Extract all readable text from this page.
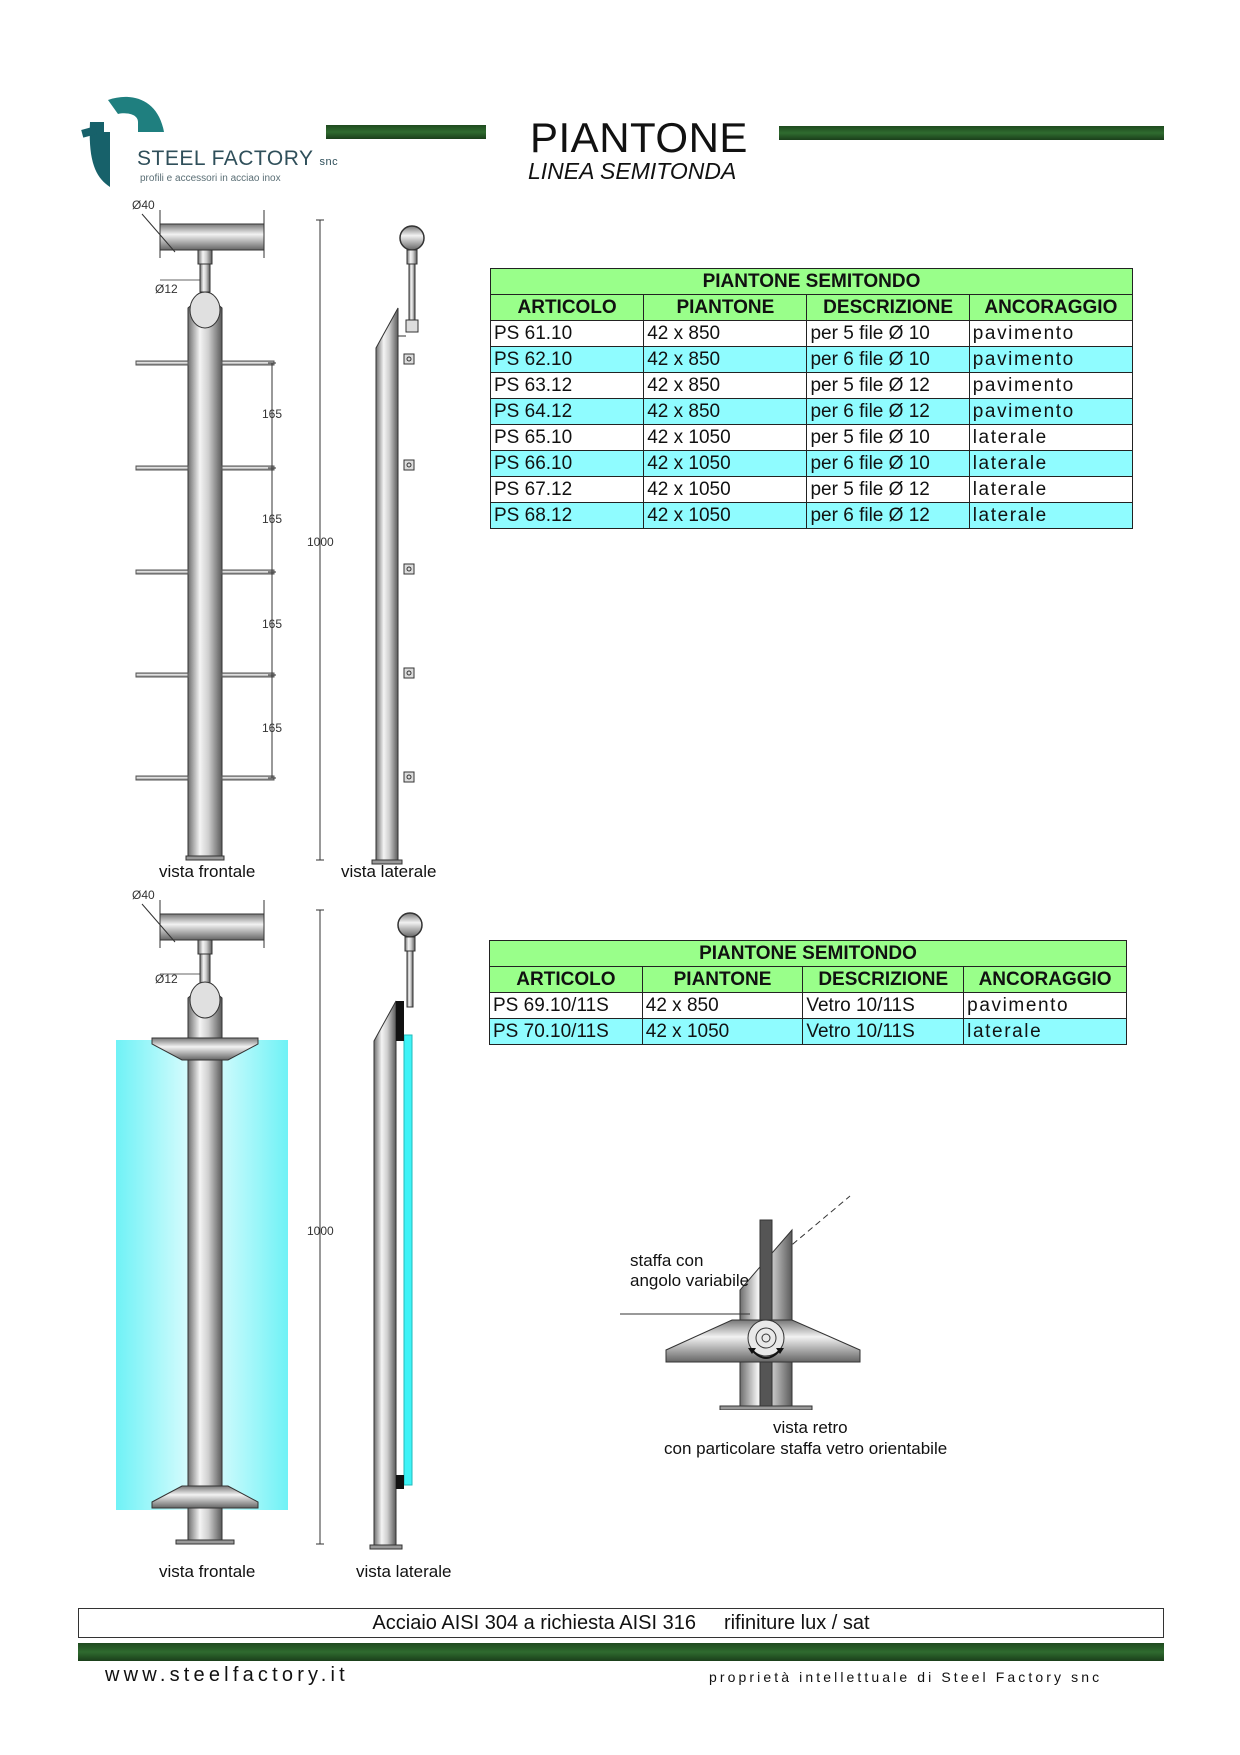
STEEL FACTORY snc
profili e accessori in acciao inox
PIANTONE
LINEA SEMITONDA
PIANTONE SEMITONDO			
ARTICOLO	PIANTONE	DESCRIZIONE	ANCORAGGIO
PS 61.10	42 x 850	per 5 file Ø 10	pavimento
PS 62.10	42 x 850	per 6 file Ø 10	pavimento
PS 63.12	42 x 850	per 5 file Ø 12	pavimento
PS 64.12	42 x 850	per 6 file Ø 12	pavimento
PS 65.10	42 x 1050	per 5 file Ø 10	laterale
PS 66.10	42 x 1050	per 6 file Ø 10	laterale
PS 67.12	42 x 1050	per 5 file Ø 12	laterale
PS 68.12	42 x 1050	per 6 file Ø 12	laterale
PIANTONE SEMITONDO			
ARTICOLO	PIANTONE	DESCRIZIONE	ANCORAGGIO
PS 69.10/11S	42 x 850	Vetro 10/11S	pavimento
PS 70.10/11S	42 x 1050	Vetro 10/11S	laterale
Ø40
Ø12
165
165
165
165
1000
vista frontale	vista laterale
Ø40
Ø12
1000
vista frontale	vista laterale
staffa con
angolo variabile
vista retro
con particolare staffa vetro orientabile
Acciaio AISI 304 a richiesta AISI 316 rifiniture lux / sat
www.steelfactory.it	proprietà intellettuale di Steel Factory snc
